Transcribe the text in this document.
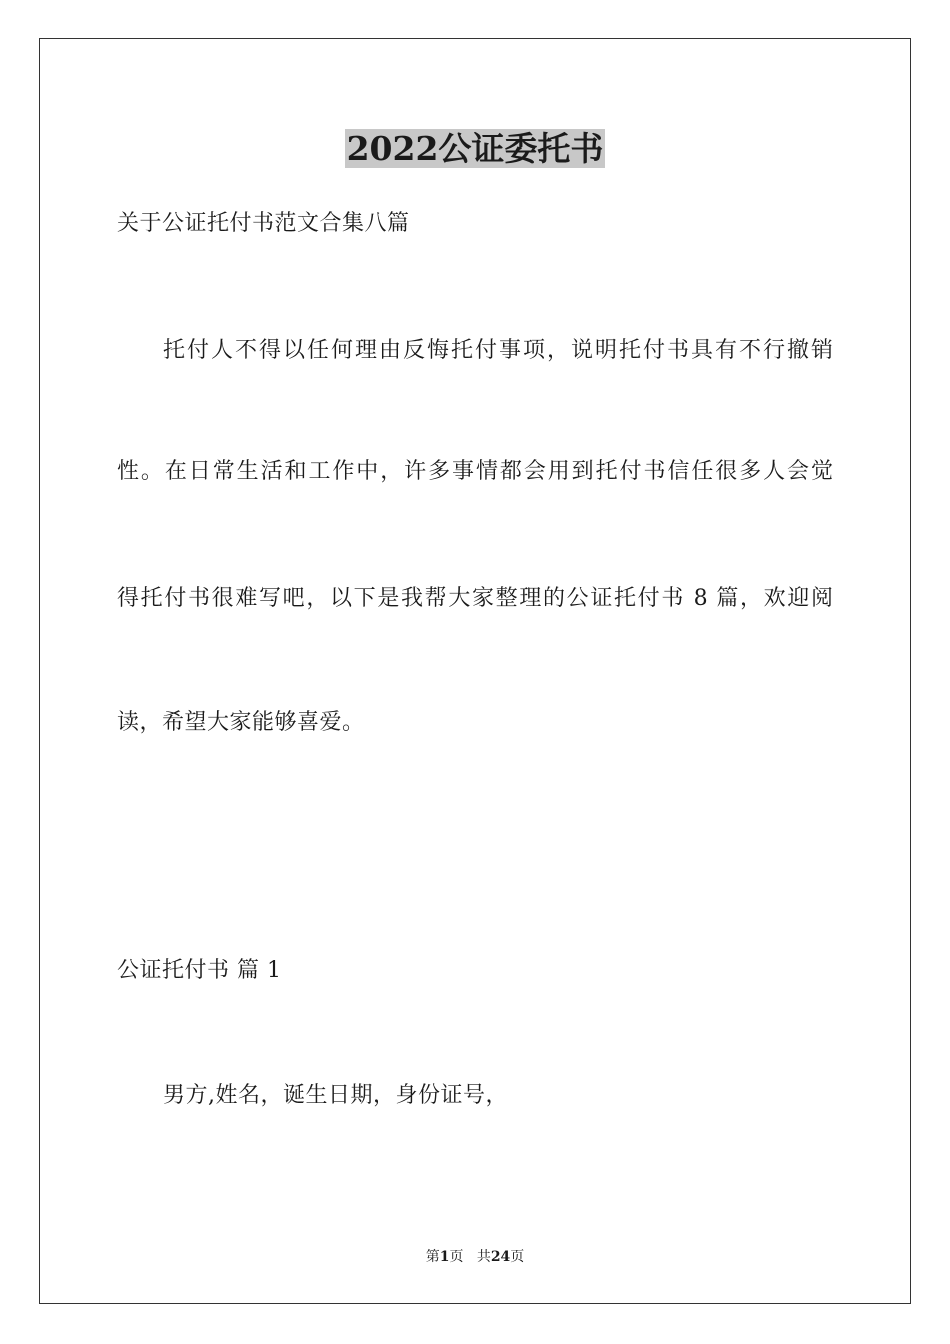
2022公证委托书
关于公证托付书范文合集八篇
托付人不得以任何理由反悔托付事项，说明托付书具有不行撤销
性。在日常生活和工作中，许多事情都会用到托付书信任很多人会觉
得托付书很难写吧，以下是我帮大家整理的公证托付书 8 篇，欢迎阅
读，希望大家能够喜爱。
公证托付书 篇 1
男方,姓名，诞生日期，身份证号，
第1页 共24页
